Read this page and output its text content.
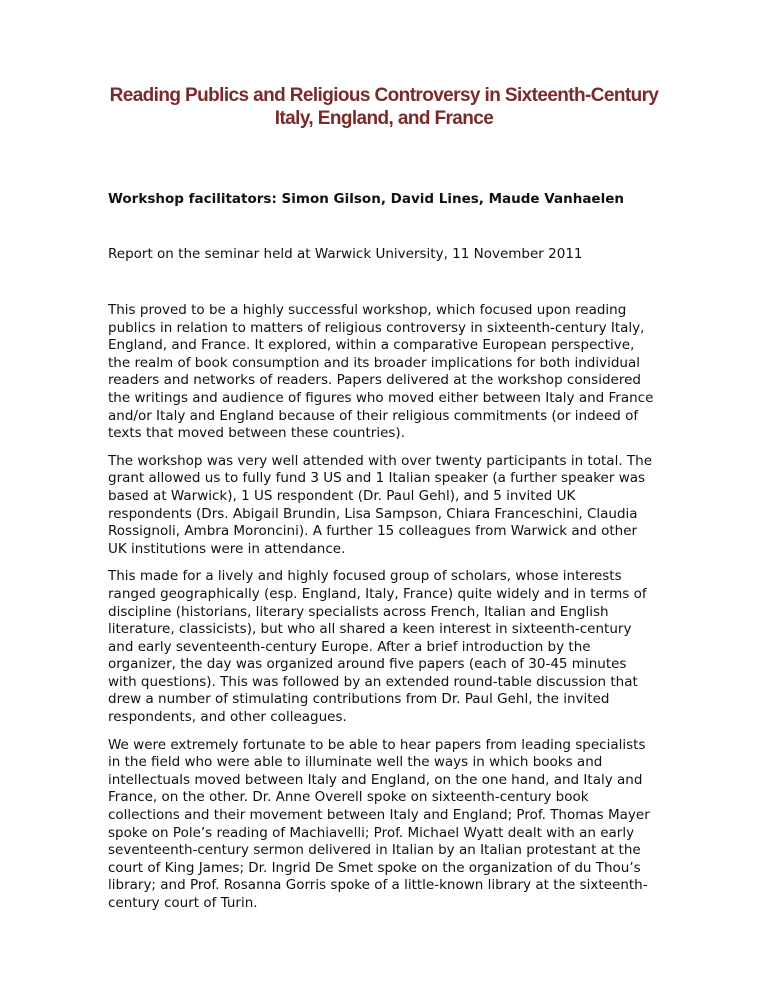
Reading Publics and Religious Controversy in Sixteenth-Century
Italy, England, and France

Workshop facilitators: Simon Gilson, David Lines, Maude Vanhaelen

Report on the seminar held at Warwick University, 11 November 2011

This proved to be a highly successful workshop, which focused upon reading
publics in relation to matters of religious controversy in sixteenth-century Italy,
England, and France. It explored, within a comparative European perspective,
the realm of book consumption and its broader implications for both individual
readers and networks of readers. Papers delivered at the workshop considered
the writings and audience of figures who moved either between Italy and France
and/or Italy and England because of their religious commitments (or indeed of
texts that moved between these countries).

The workshop was very well attended with over twenty participants in total. The
grant allowed us to fully fund 3 US and 1 Italian speaker (a further speaker was
based at Warwick), 1 US respondent (Dr. Paul Gehl), and 5 invited UK
respondents (Drs. Abigail Brundin, Lisa Sampson, Chiara Franceschini, Claudia
Rossignoli, Ambra Moroncini). A further 15 colleagues from Warwick and other
UK institutions were in attendance.

This made for a lively and highly focused group of scholars, whose interests
ranged geographically (esp. England, Italy, France) quite widely and in terms of
discipline (historians, literary specialists across French, Italian and English
literature, classicists), but who all shared a keen interest in sixteenth-century
and early seventeenth-century Europe. After a brief introduction by the
organizer, the day was organized around five papers (each of 30-45 minutes
with questions). This was followed by an extended round-table discussion that
drew a number of stimulating contributions from Dr. Paul Gehl, the invited
respondents, and other colleagues.

We were extremely fortunate to be able to hear papers from leading specialists
in the field who were able to illuminate well the ways in which books and
intellectuals moved between Italy and England, on the one hand, and Italy and
France, on the other. Dr. Anne Overell spoke on sixteenth-century book
collections and their movement between Italy and England; Prof. Thomas Mayer
spoke on Pole’s reading of Machiavelli; Prof. Michael Wyatt dealt with an early
seventeenth-century sermon delivered in Italian by an Italian protestant at the
court of King James; Dr. Ingrid De Smet spoke on the organization of du Thou’s
library; and Prof. Rosanna Gorris spoke of a little-known library at the sixteenth-
century court of Turin.
